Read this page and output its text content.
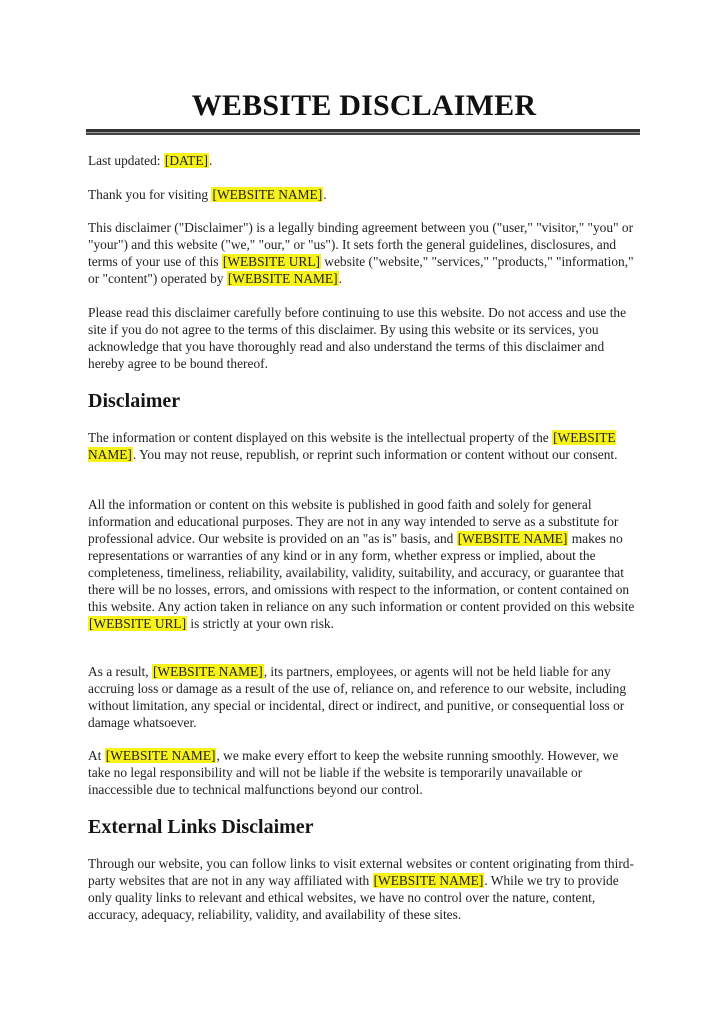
WEBSITE DISCLAIMER

Last updated: [DATE].

Thank you for visiting [WEBSITE NAME].

This disclaimer ("Disclaimer") is a legally binding agreement between you ("user," "visitor," "you" or "your") and this website ("we," "our," or "us"). It sets forth the general guidelines, disclosures, and terms of your use of this [WEBSITE URL] website ("website," "services," "products," "information," or "content") operated by [WEBSITE NAME].

Please read this disclaimer carefully before continuing to use this website. Do not access and use the site if you do not agree to the terms of this disclaimer. By using this website or its services, you acknowledge that you have thoroughly read and also understand the terms of this disclaimer and hereby agree to be bound thereof.

Disclaimer

The information or content displayed on this website is the intellectual property of the [WEBSITE NAME]. You may not reuse, republish, or reprint such information or content without our consent.

All the information or content on this website is published in good faith and solely for general information and educational purposes. They are not in any way intended to serve as a substitute for professional advice. Our website is provided on an "as is" basis, and [WEBSITE NAME] makes no representations or warranties of any kind or in any form, whether express or implied, about the completeness, timeliness, reliability, availability, validity, suitability, and accuracy, or guarantee that there will be no losses, errors, and omissions with respect to the information, or content contained on this website. Any action taken in reliance on any such information or content provided on this website [WEBSITE URL] is strictly at your own risk.

As a result, [WEBSITE NAME], its partners, employees, or agents will not be held liable for any accruing loss or damage as a result of the use of, reliance on, and reference to our website, including without limitation, any special or incidental, direct or indirect, and punitive, or consequential loss or damage whatsoever.

At [WEBSITE NAME], we make every effort to keep the website running smoothly. However, we take no legal responsibility and will not be liable if the website is temporarily unavailable or inaccessible due to technical malfunctions beyond our control.

External Links Disclaimer

Through our website, you can follow links to visit external websites or content originating from third-party websites that are not in any way affiliated with [WEBSITE NAME]. While we try to provide only quality links to relevant and ethical websites, we have no control over the nature, content, accuracy, adequacy, reliability, validity, and availability of these sites.
